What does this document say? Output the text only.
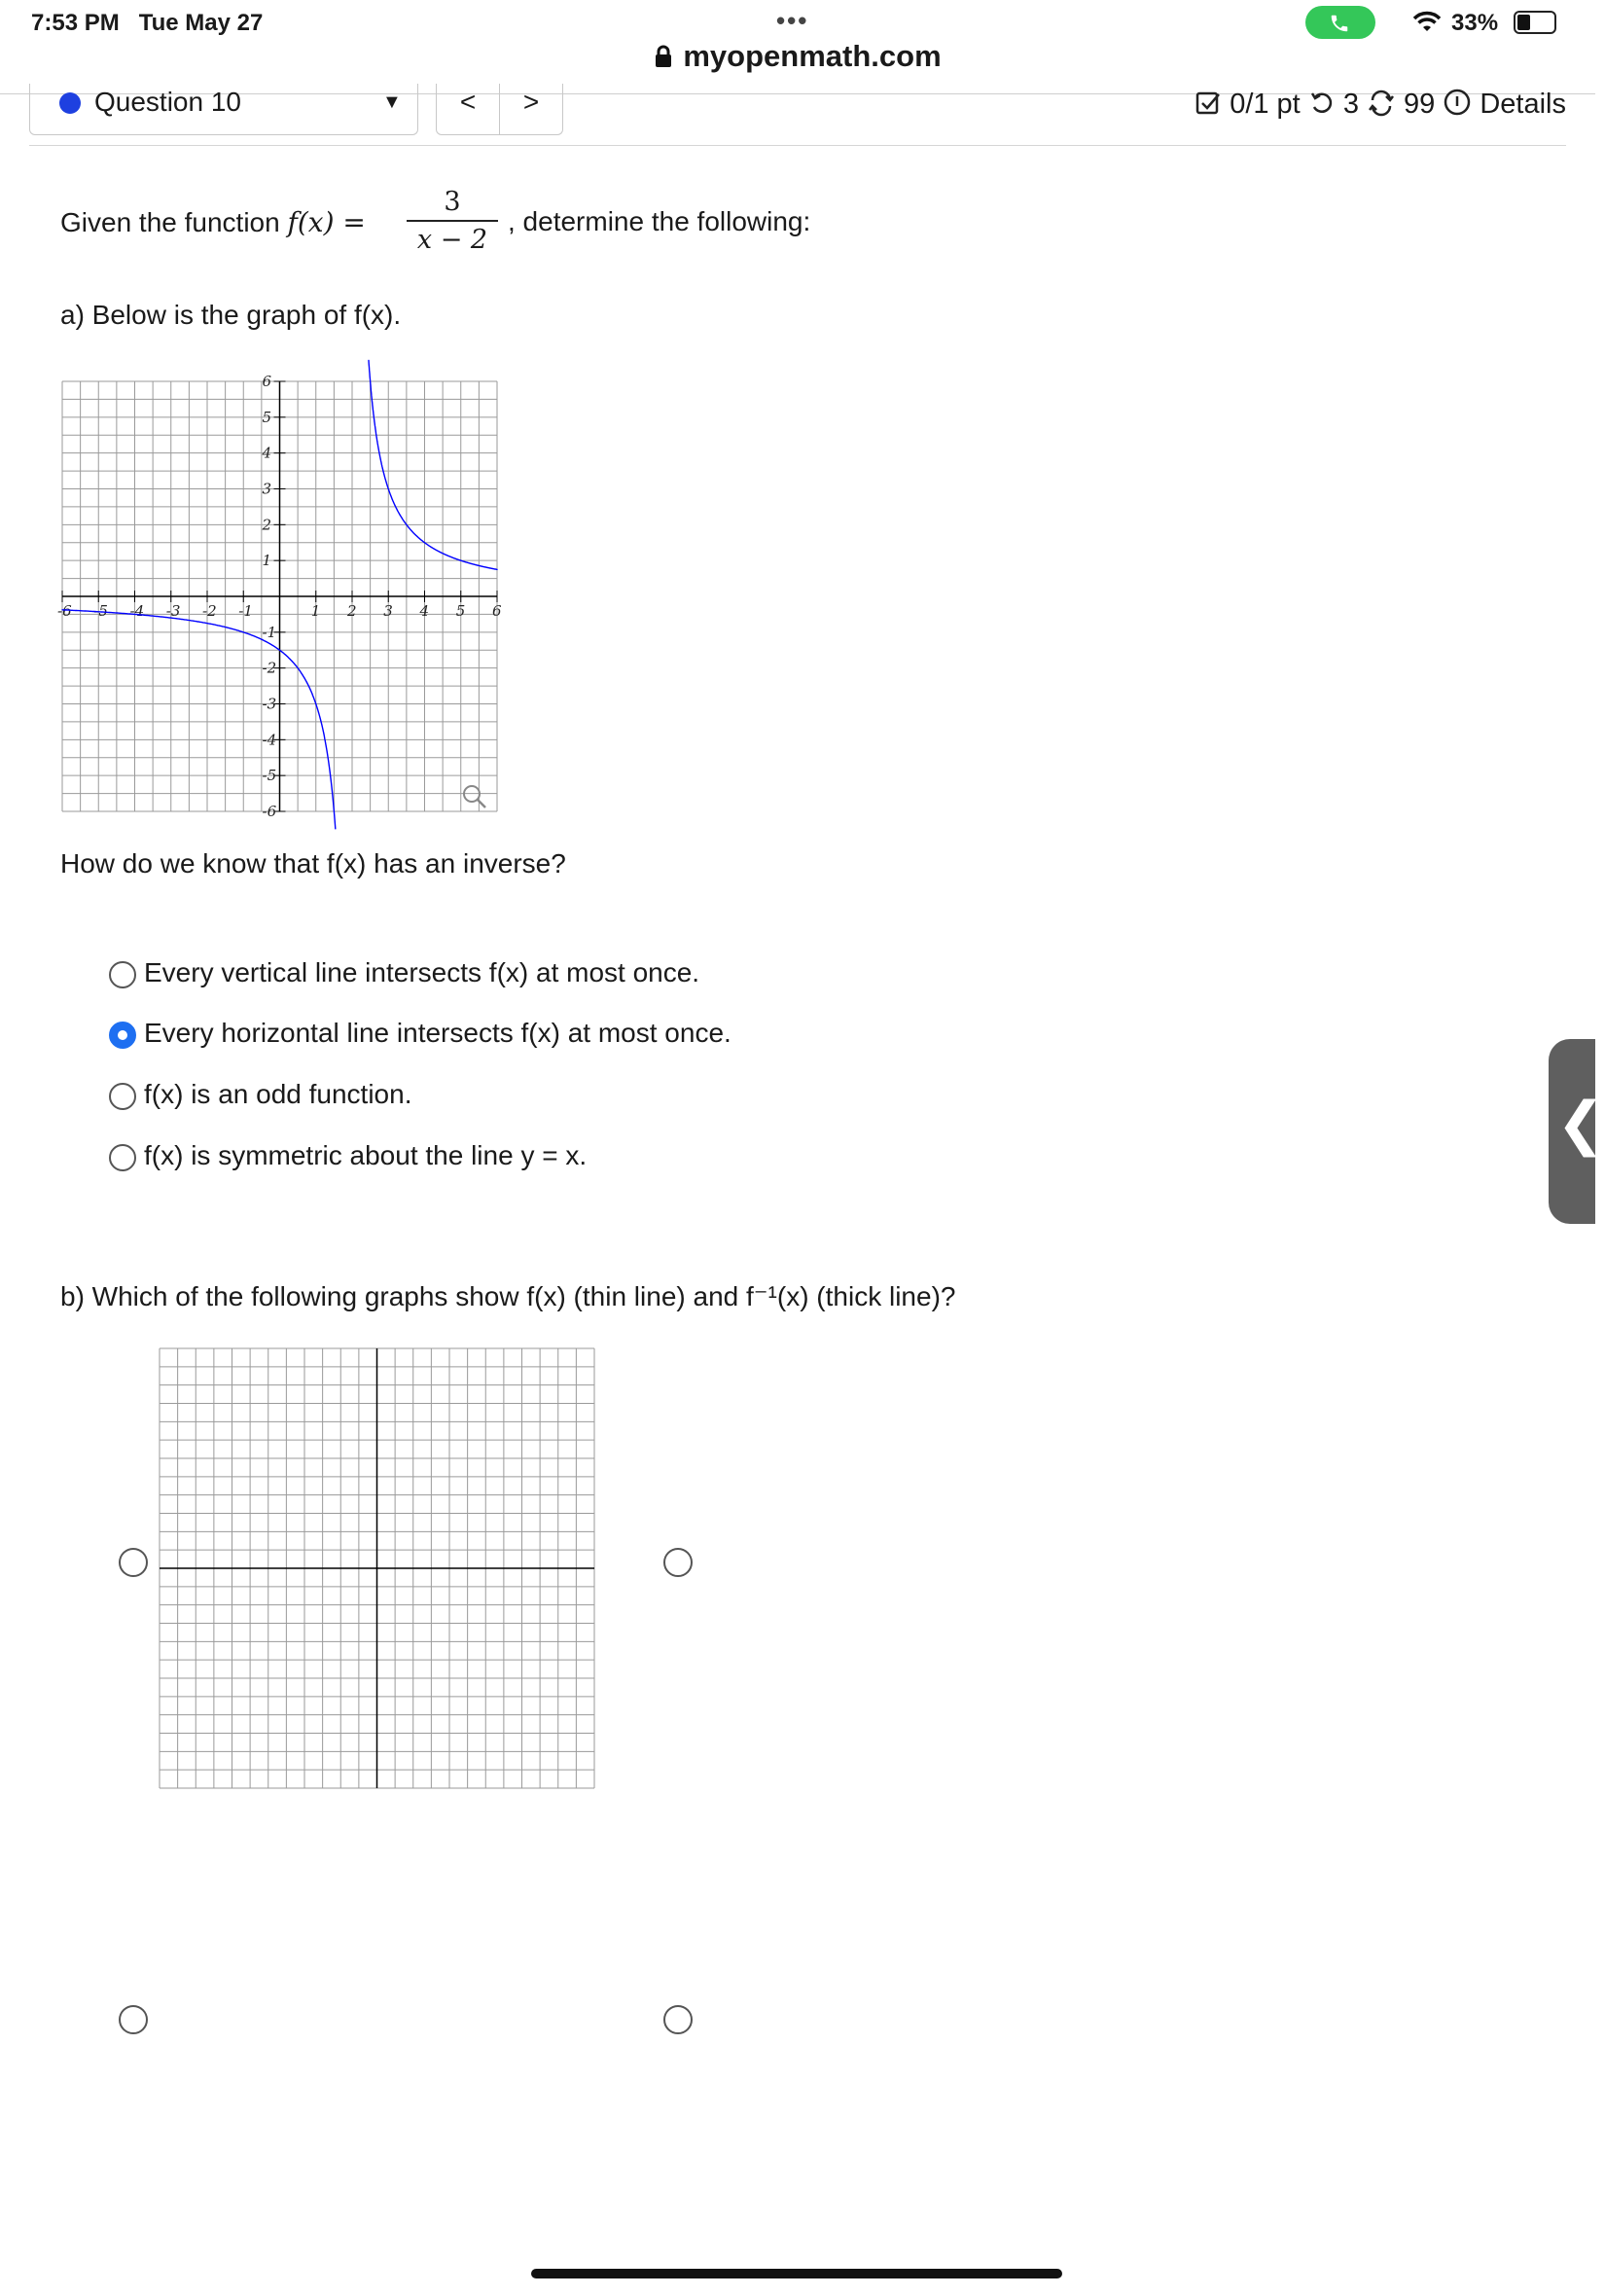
7:53 PM Tue May 27	•••	33%
myopenmath.com
Question 10	▼	<	>	0/1 pt 3 99 Details
Given the function f(x) =
3
x − 2
, determine the following:
a) Below is the graph of f(x).
-6 -5 -4 -3 -2 -1	1 2 3 4 5 6
-6
-5
-4
-3
-2
-1
1
2
3
4
5
6
How do we know that f(x) has an inverse?
Every vertical line intersects f(x) at most once.
Every horizontal line intersects f(x) at most once.
f(x) is an odd function.
f(x) is symmetric about the line y = x.
b) Which of the following graphs show f(x) (thin line) and f⁻¹(x) (thick line)?
❮
